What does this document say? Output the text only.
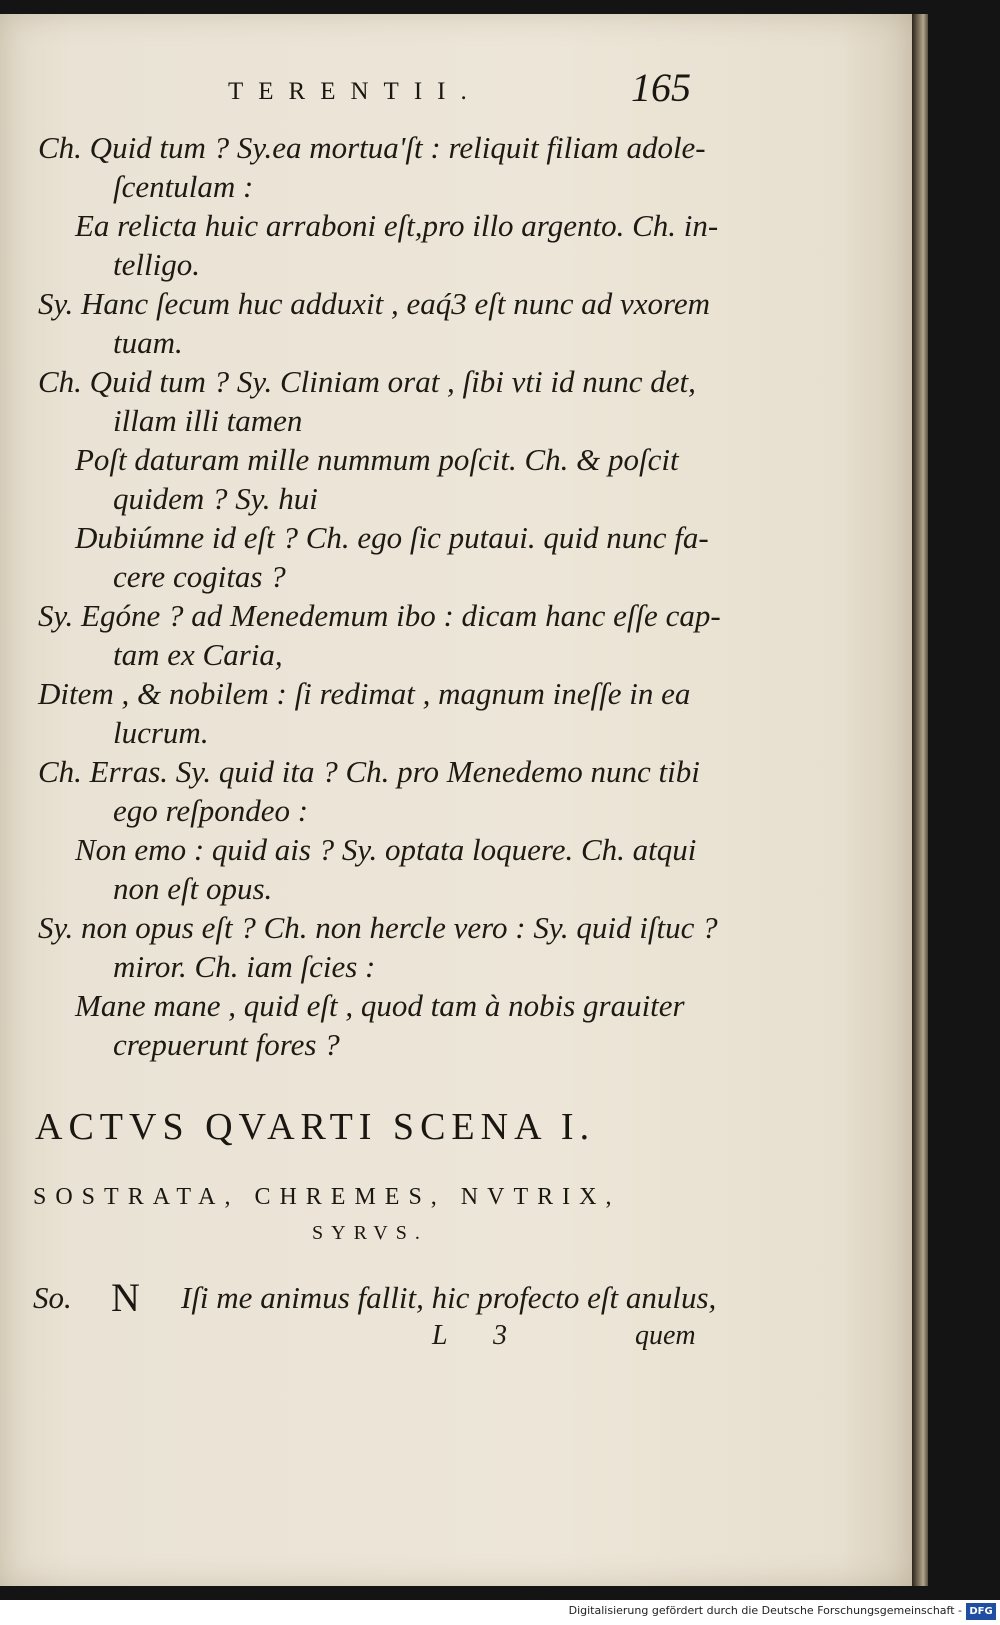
TERENTII.	165
Ch. Quid tum ? Sy.ea mortua'ſt : reliquit filiam adole-
ſcentulam :
Ea relicta huic arraboni eſt,pro illo argento. Ch. in-
telligo.
Sy. Hanc ſecum huc adduxit , eaq́3 eſt nunc ad vxorem
tuam.
Ch. Quid tum ? Sy. Cliniam orat , ſibi vti id nunc det,
illam illi tamen
Poſt daturam mille nummum poſcit. Ch. & poſcit
quidem ? Sy. hui
Dubiúmne id eſt ? Ch. ego ſic putaui. quid nunc fa-
cere cogitas ?
Sy. Egóne ? ad Menedemum ibo : dicam hanc eſſe cap-
tam ex Caria,
Ditem , & nobilem : ſi redimat , magnum ineſſe in ea
lucrum.
Ch. Erras. Sy. quid ita ? Ch. pro Menedemo nunc tibi
ego reſpondeo :
Non emo : quid ais ? Sy. optata loquere. Ch. atqui
non eſt opus.
Sy. non opus eſt ? Ch. non hercle vero : Sy. quid iſtuc ?
miror. Ch. iam ſcies :
Mane mane , quid eſt , quod tam à nobis grauiter
crepuerunt fores ?
ACTVS QVARTI SCENA I.
SOSTRATA, CHREMES, NVTRIX,
SYRVS.
So. N Iſi me animus fallit, hic profecto eſt anulus,
L 3	quem
Digitalisierung gefördert durch die Deutsche Forschungsgemeinschaft - DFG
